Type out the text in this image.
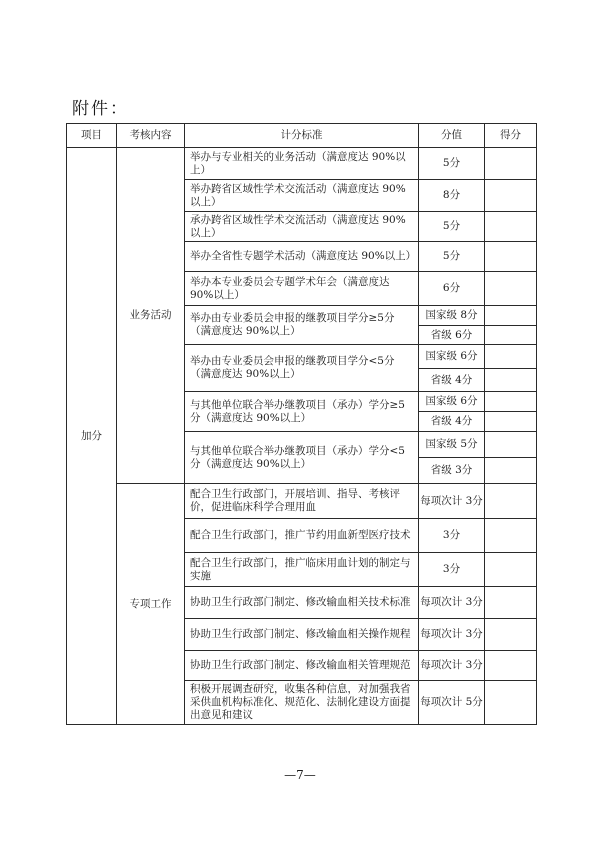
附件：
项目	考核内容	计分标准	分值	得分
加分	业务活动	举办与专业相关的业务活动（满意度达 90%以上）	5分	
		举办跨省区域性学术交流活动（满意度达 90%以上）	8分	
		承办跨省区域性学术交流活动（满意度达 90%以上）	5分	
		举办全省性专题学术活动（满意度达 90%以上）	5分	
		举办本专业委员会专题学术年会（满意度达 90%以上）	6分	
		举办由专业委员会申报的继教项目学分≥5分（满意度达 90%以上）	国家级 8分	
			省级 6分	
		举办由专业委员会申报的继教项目学分<5分（满意度达 90%以上）	国家级 6分	
			省级 4分	
		与其他单位联合举办继教项目（承办）学分≥5分（满意度达 90%以上）	国家级 6分	
			省级 4分	
		与其他单位联合举办继教项目（承办）学分<5分（满意度达 90%以上）	国家级 5分	
			省级 3分	
	专项工作	配合卫生行政部门，开展培训、指导、考核评价，促进临床科学合理用血	每项次计 3分	
		配合卫生行政部门，推广节约用血新型医疗技术	3分	
		配合卫生行政部门，推广临床用血计划的制定与实施	3分	
		协助卫生行政部门制定、修改输血相关技术标准	每项次计 3分	
		协助卫生行政部门制定、修改输血相关操作规程	每项次计 3分	
		协助卫生行政部门制定、修改输血相关管理规范	每项次计 3分	
		积极开展调查研究，收集各种信息，对加强我省采供血机构标准化、规范化、法制化建设方面提出意见和建议	每项次计 5分	
—7—
